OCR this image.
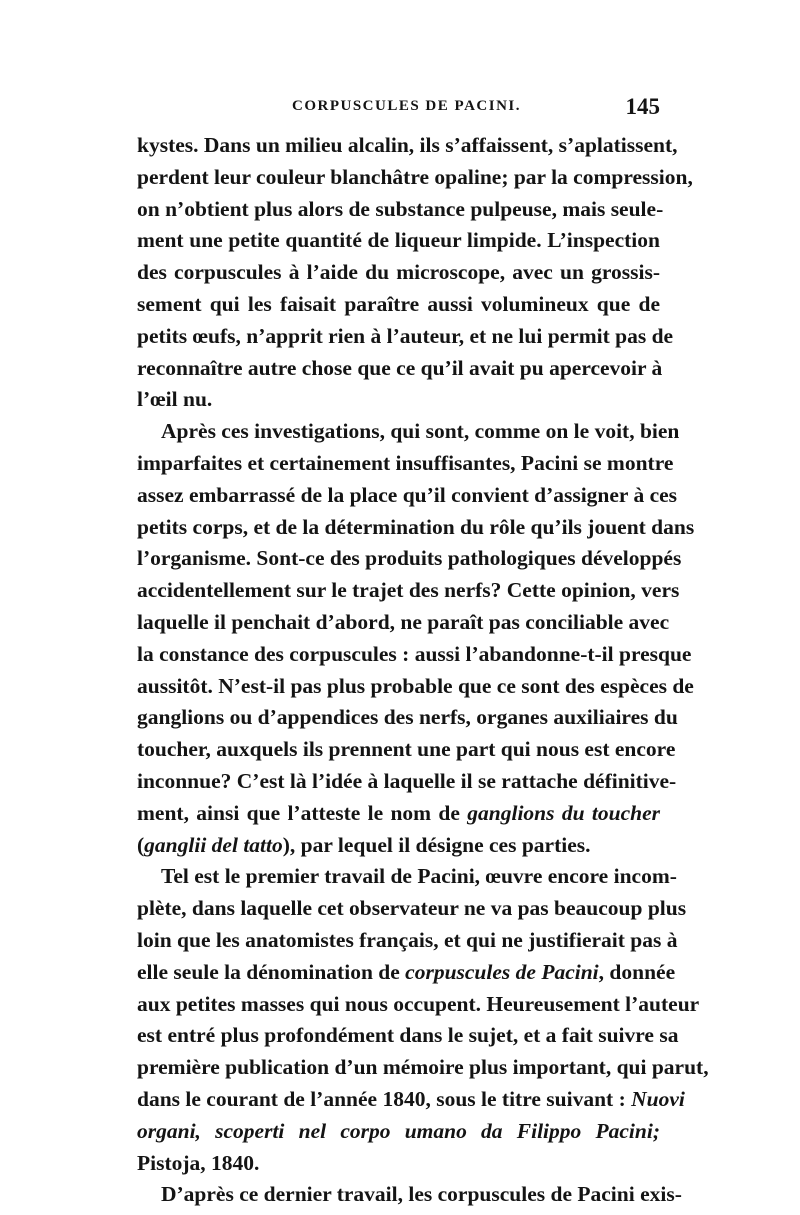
CORPUSCULES DE PACINI.	145
kystes. Dans un milieu alcalin, ils s’affaissent, s’aplatissent,
perdent leur couleur blanchâtre opaline; par la compression,
on n’obtient plus alors de substance pulpeuse, mais seule-
ment une petite quantité de liqueur limpide. L’inspection
des corpuscules à l’aide du microscope, avec un grossis-
sement qui les faisait paraître aussi volumineux que de
petits œufs, n’apprit rien à l’auteur, et ne lui permit pas de
reconnaître autre chose que ce qu’il avait pu apercevoir à
l’œil nu.
Après ces investigations, qui sont, comme on le voit, bien
imparfaites et certainement insuffisantes, Pacini se montre
assez embarrassé de la place qu’il convient d’assigner à ces
petits corps, et de la détermination du rôle qu’ils jouent dans
l’organisme. Sont-ce des produits pathologiques développés
accidentellement sur le trajet des nerfs? Cette opinion, vers
laquelle il penchait d’abord, ne paraît pas conciliable avec
la constance des corpuscules : aussi l’abandonne-t-il presque
aussitôt. N’est-il pas plus probable que ce sont des espèces de
ganglions ou d’appendices des nerfs, organes auxiliaires du
toucher, auxquels ils prennent une part qui nous est encore
inconnue? C’est là l’idée à laquelle il se rattache définitive-
ment, ainsi que l’atteste le nom de ganglions du toucher
(ganglii del tatto), par lequel il désigne ces parties.
Tel est le premier travail de Pacini, œuvre encore incom-
plète, dans laquelle cet observateur ne va pas beaucoup plus
loin que les anatomistes français, et qui ne justifierait pas à
elle seule la dénomination de corpuscules de Pacini, donnée
aux petites masses qui nous occupent. Heureusement l’auteur
est entré plus profondément dans le sujet, et a fait suivre sa
première publication d’un mémoire plus important, qui parut,
dans le courant de l’année 1840, sous le titre suivant : Nuovi
organi, scoperti nel corpo umano da Filippo Pacini;
Pistoja, 1840.
D’après ce dernier travail, les corpuscules de Pacini exis-
